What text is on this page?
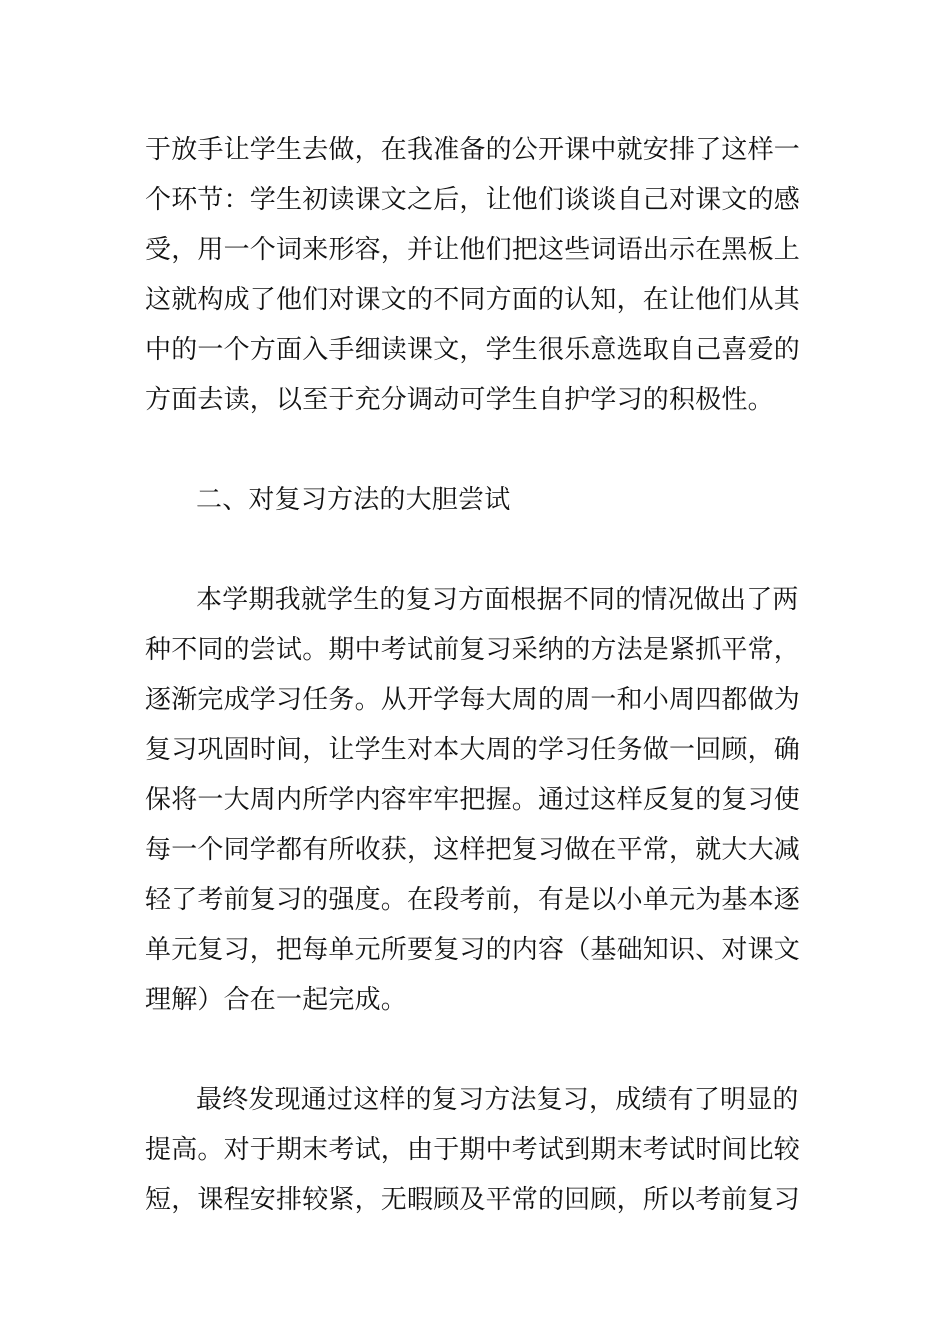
于放手让学生去做，在我准备的公开课中就安排了这样一
个环节：学生初读课文之后，让他们谈谈自己对课文的感
受，用一个词来形容，并让他们把这些词语出示在黑板上
这就构成了他们对课文的不同方面的认知，在让他们从其
中的一个方面入手细读课文，学生很乐意选取自己喜爱的
方面去读，以至于充分调动可学生自护学习的积极性。
二、对复习方法的大胆尝试
本学期我就学生的复习方面根据不同的情况做出了两
种不同的尝试。期中考试前复习采纳的方法是紧抓平常，
逐渐完成学习任务。从开学每大周的周一和小周四都做为
复习巩固时间，让学生对本大周的学习任务做一回顾，确
保将一大周内所学内容牢牢把握。通过这样反复的复习使
每一个同学都有所收获，这样把复习做在平常，就大大减
轻了考前复习的强度。在段考前，有是以小单元为基本逐
单元复习，把每单元所要复习的内容（基础知识、对课文
理解）合在一起完成。
最终发现通过这样的复习方法复习，成绩有了明显的
提高。对于期末考试，由于期中考试到期末考试时间比较
短，课程安排较紧，无暇顾及平常的回顾，所以考前复习
